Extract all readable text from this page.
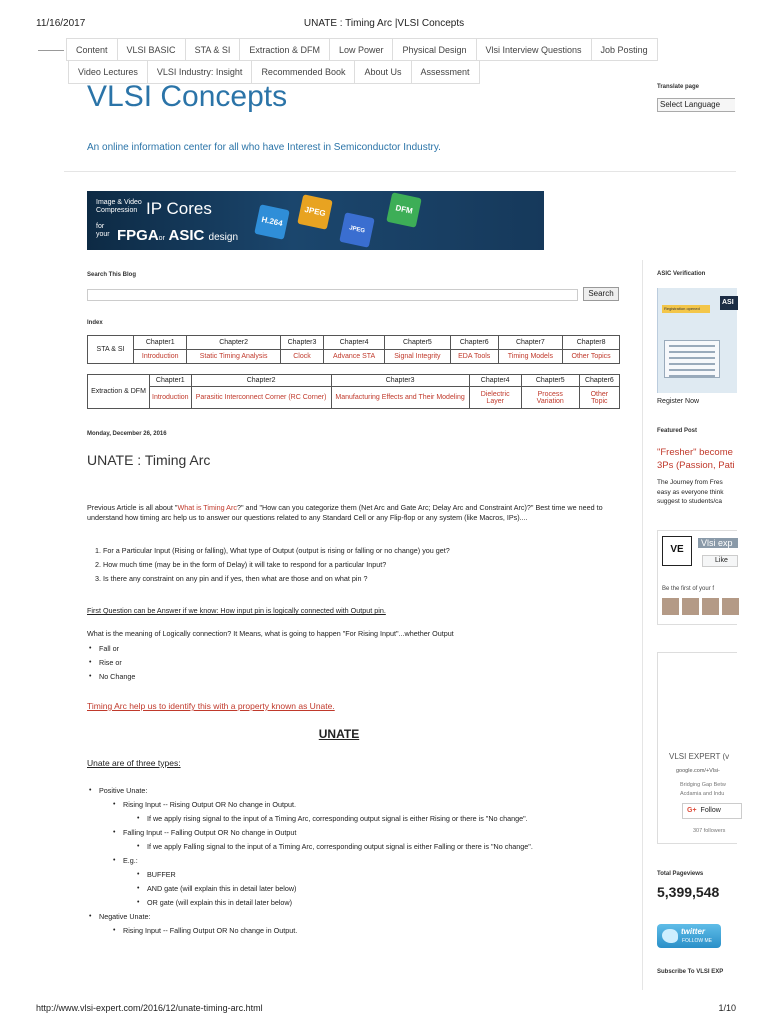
11/16/2017	UNATE : Timing Arc |VLSI Concepts
Content	VLSI BASIC	STA & SI	Extraction & DFM	Low Power	Physical Design	Vlsi Interview Questions	Job Posting
Video Lectures	VLSI Industry: Insight	Recommended Book	About Us	Assessment
VLSI Concepts	Translate page
Select Language
An online information center for all who have Interest in Semiconductor Industry.
Image & Video
Compression IP Cores
for
your FPGAor ASIC design
H.264
JPEG
JPEG 2000
DFM
Search This Blog
Search
Index
STA & SI	Chapter1	Chapter2	Chapter3	Chapter4	Chapter5	Chapter6	Chapter7	Chapter8
	Introduction	Static Timing Analysis	Clock	Advance STA	Signal Integrity	EDA Tools	Timing Models	Other Topics
Extraction & DFM	Chapter1	Chapter2	Chapter3	Chapter4	Chapter5	Chapter6
	Introduction	Parasitic Interconnect Corner (RC Corner)	Manufacturing Effects and Their Modeling	Dielectric Layer	Process Variation	Other Topic
Monday, December 26, 2016
UNATE : Timing Arc
Previous Article is all about "What is Timing Arc?" and "How can you categorize them (Net Arc and Gate Arc; Delay Arc and Constraint Arc)?" Best time we need to understand how timing arc help us to answer our questions related to any Standard Cell or any Flip-flop or any system (like Macros, IPs)....
1. For a Particular Input (Rising or falling), What type of Output (output is rising or falling or no change) you get?
2. How much time (may be in the form of Delay) it will take to respond for a particular Input?
3. Is there any constraint on any pin and if yes, then what are those and on what pin ?
First Question can be Answer if we know: How input pin is logically connected with Output pin.
What is the meaning of Logically connection? It Means, what is going to happen "For Rising Input"...whether Output
• Fall or
• Rise or
• No Change
Timing Arc help us to identify this with a property known as Unate.
UNATE
Unate are of three types:
• Positive Unate:
• Rising Input -- Rising Output OR No change in Output.
• If we apply rising signal to the input of a Timing Arc, corresponding output signal is either Rising or there is "No change".
• Falling Input -- Falling Output OR No change in Output
• If we apply Falling signal to the input of a Timing Arc, corresponding output signal is either Falling or there is "No change".
• E.g.:
• BUFFER
• AND gate (will explain this in detail later below)
• OR gate (will explain this in detail later below)
• Negative Unate:
• Rising Input -- Falling Output OR No change in Output.
ASIC Verification
Registration opened
ASI
Register Now
Featured Post
"Fresher" become
3Ps (Passion, Pati
The Journey from Fres
easy as everyone think
suggest to students/ca
VE
Vlsi exp
Like
Be the first of your f
VLSI EXPERT (v
google.com/+Vlsi-
Bridging Gap Betw
Acdamia and Indu
G+ Follow
307 followers
Total Pageviews
5,399,548
twitter
FOLLOW ME
Subscribe To VLSI EXP
http://www.vlsi-expert.com/2016/12/unate-timing-arc.html	1/10
